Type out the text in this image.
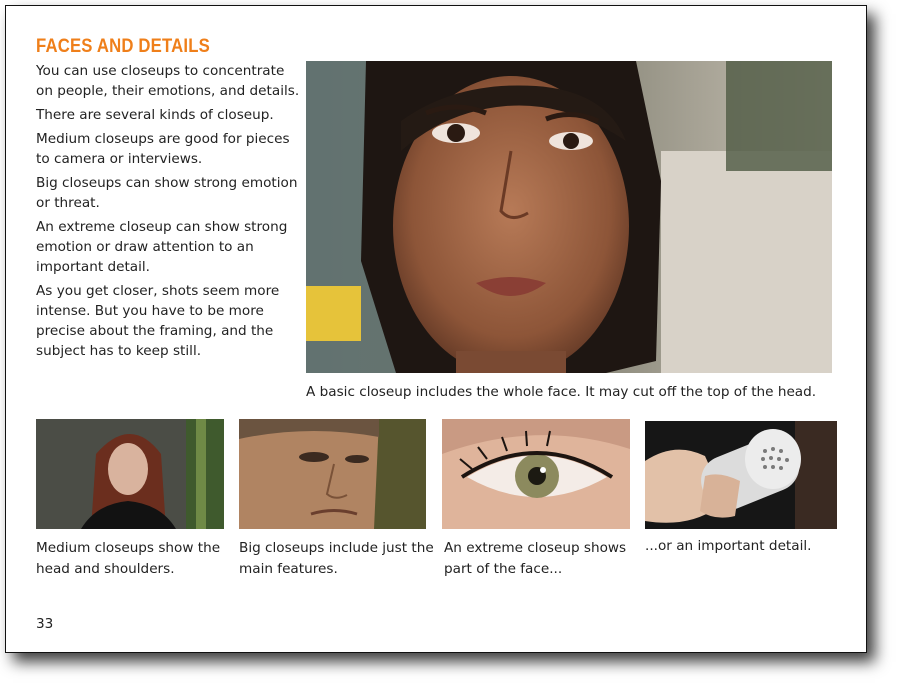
FACES AND DETAILS

You can use closeups to concentrate on people, their emotions, and details.

There are several kinds of closeup.

Medium closeups are good for pieces to camera or interviews.

Big closeups can show strong emotion or threat.

An extreme closeup can show strong emotion or draw attention to an important detail.

As you get closer, shots seem more intense. But you have to be more precise about the framing, and the subject has to keep still.

A basic closeup includes the whole face. It may cut off the top of the head.
Medium closeups show the head and shoulders.
Big closeups include just the main features.
An extreme closeup shows part of the face...
...or an important detail.
33
